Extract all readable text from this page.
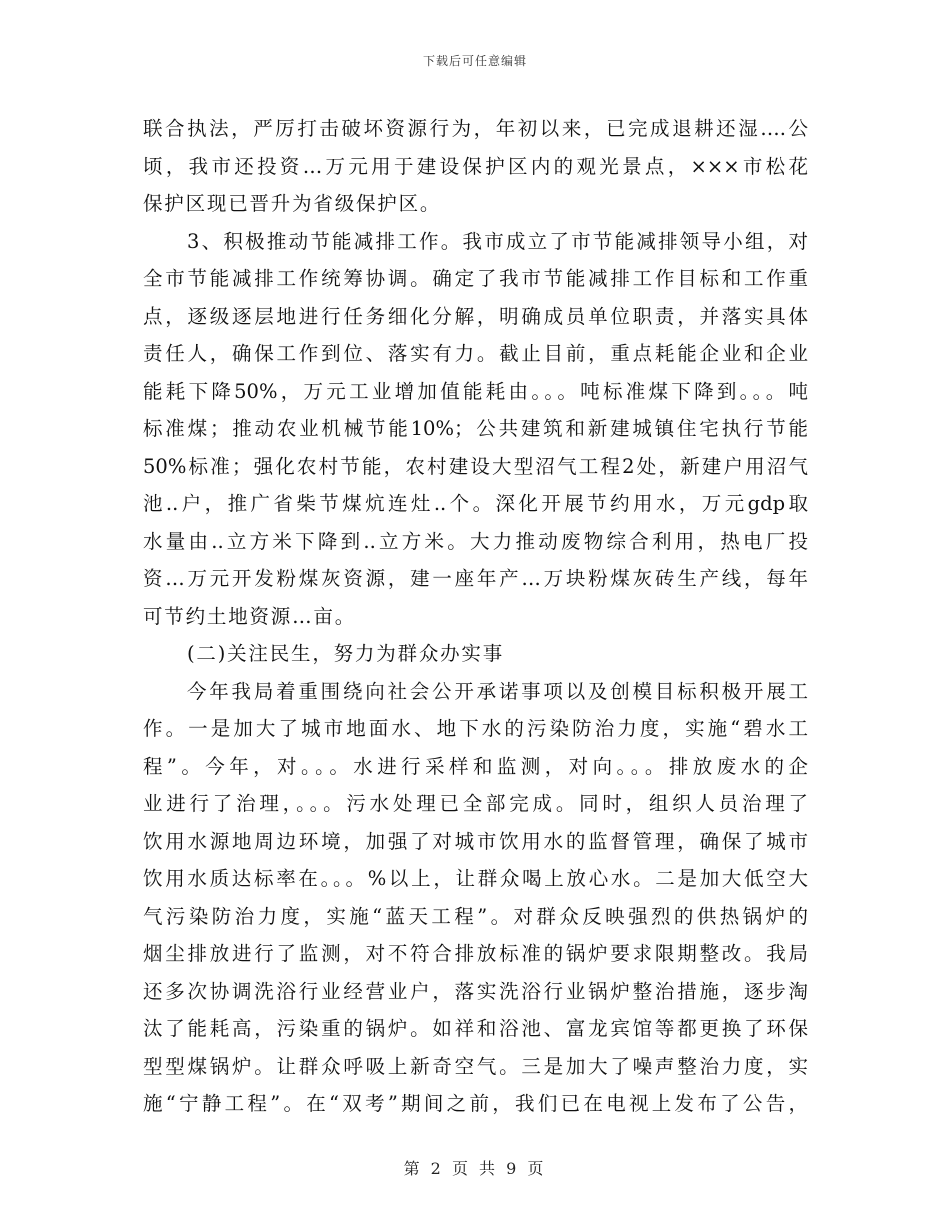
下载后可任意编辑
联合执法，严厉打击破坏资源行为，年初以来，已完成退耕还湿….公
顷，我市还投资…万元用于建设保护区内的观光景点，×××市松花
保护区现已晋升为省级保护区。
3、积极推动节能减排工作。我市成立了市节能减排领导小组，对
全市节能减排工作统筹协调。确定了我市节能减排工作目标和工作重
点，逐级逐层地进行任务细化分解，明确成员单位职责，并落实具体
责任人，确保工作到位、落实有力。截止目前，重点耗能企业和企业
能耗下降50%，万元工业增加值能耗由。。。吨标准煤下降到。。。吨
标准煤；推动农业机械节能10%；公共建筑和新建城镇住宅执行节能
50%标准；强化农村节能，农村建设大型沼气工程2处，新建户用沼气
池..户，推广省柴节煤炕连灶..个。深化开展节约用水，万元gdp取
水量由..立方米下降到..立方米。大力推动废物综合利用，热电厂投
资…万元开发粉煤灰资源，建一座年产…万块粉煤灰砖生产线，每年
可节约土地资源…亩。
(二)关注民生，努力为群众办实事
今年我局着重围绕向社会公开承诺事项以及创模目标积极开展工
作。一是加大了城市地面水、地下水的污染防治力度，实施“碧水工
程”。今年，对。。。水进行采样和监测，对向。。。排放废水的企
业进行了治理，。。。污水处理已全部完成。同时，组织人员治理了
饮用水源地周边环境，加强了对城市饮用水的监督管理，确保了城市
饮用水质达标率在。。。%以上，让群众喝上放心水。二是加大低空大
气污染防治力度，实施“蓝天工程”。对群众反映强烈的供热锅炉的
烟尘排放进行了监测，对不符合排放标准的锅炉要求限期整改。我局
还多次协调洗浴行业经营业户，落实洗浴行业锅炉整治措施，逐步淘
汰了能耗高，污染重的锅炉。如祥和浴池、富龙宾馆等都更换了环保
型型煤锅炉。让群众呼吸上新奇空气。三是加大了噪声整治力度，实
施“宁静工程”。在“双考”期间之前，我们已在电视上发布了公告，
第 2 页 共 9 页
